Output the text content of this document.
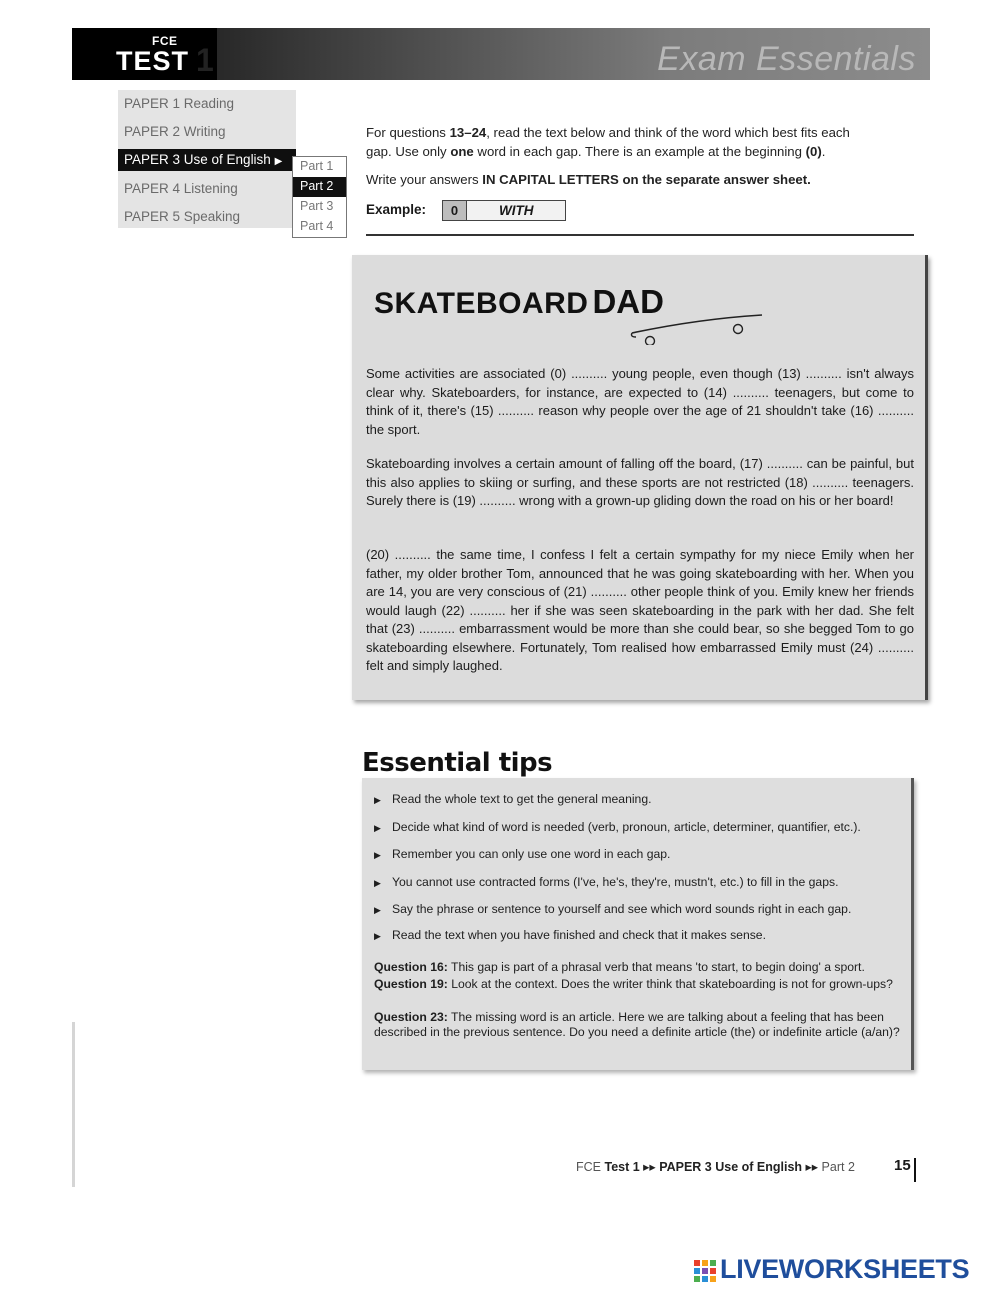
FCE
TEST 1	Exam Essentials
PAPER 1 Reading
PAPER 2 Writing
PAPER 3 Use of English ▶
PAPER 4 Listening
PAPER 5 Speaking
Part 1
Part 2
Part 3
Part 4
For questions 13–24, read the text below and think of the word which best fits each
gap. Use only one word in each gap. There is an example at the beginning (0).
Write your answers IN CAPITAL LETTERS on the separate answer sheet.
Example:	0	WITH
SKATEBOARD DAD

Some activities are associated (0) .......... young people, even though (13) .......... isn't always clear why. Skateboarders, for instance, are expected to (14) .......... teenagers, but come to think of it, there's (15) .......... reason why people over the age of 21 shouldn't take (16) .......... the sport.

Skateboarding involves a certain amount of falling off the board, (17) .......... can be painful, but this also applies to skiing or surfing, and these sports are not restricted (18) .......... teenagers. Surely there is (19) .......... wrong with a grown-up gliding down the road on his or her board!

(20) .......... the same time, I confess I felt a certain sympathy for my niece Emily when her father, my older brother Tom, announced that he was going skateboarding with her. When you are 14, you are very conscious of (21) .......... other people think of you. Emily knew her friends would laugh (22) .......... her if she was seen skateboarding in the park with her dad. She felt that (23) .......... embarrassment would be more than she could bear, so she begged Tom to go skateboarding elsewhere. Fortunately, Tom realised how embarrassed Emily must (24) .......... felt and simply laughed.

Essential tips
▶ Read the whole text to get the general meaning.
▶ Decide what kind of word is needed (verb, pronoun, article, determiner, quantifier, etc.).
▶ Remember you can only use one word in each gap.
▶ You cannot use contracted forms (I've, he's, they're, mustn't, etc.) to fill in the gaps.
▶ Say the phrase or sentence to yourself and see which word sounds right in each gap.
▶ Read the text when you have finished and check that it makes sense.
Question 16: This gap is part of a phrasal verb that means 'to start, to begin doing' a sport.
Question 19: Look at the context. Does the writer think that skateboarding is not for grown-ups?
Question 23: The missing word is an article. Here we are talking about a feeling that has been described in the previous sentence. Do you need a definite article (the) or indefinite article (a/an)?
FCE Test 1 ▸▸ PAPER 3 Use of English ▸▸ Part 2	15
LIVEWORKSHEETS
